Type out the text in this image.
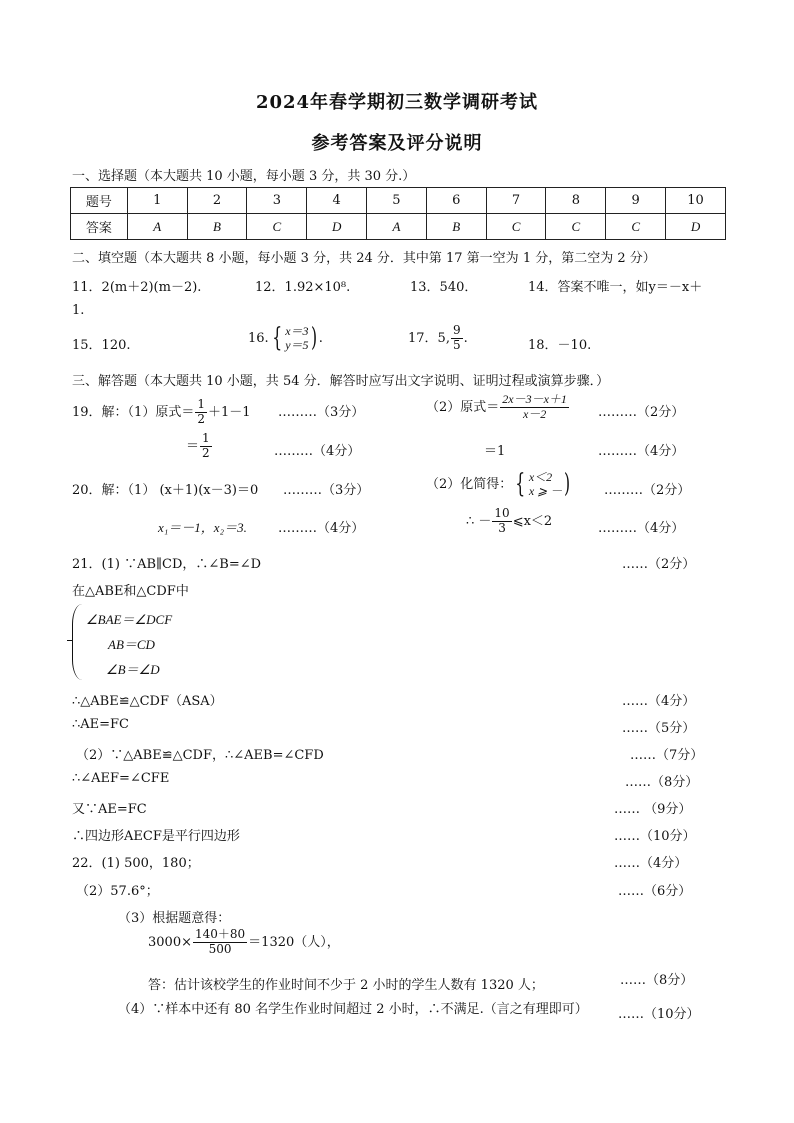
2024年春学期初三数学调研考试
参考答案及评分说明
一、选择题（本大题共 10 小题，每小题 3 分，共 30 分.）
题号	1	2	3	4	5	6	7	8	9	10
答案	A	B	C	D	A	B	C	C	C	D
二、填空题（本大题共 8 小题，每小题 3 分，共 24 分．其中第 17 第一空为 1 分，第二空为 2 分）
11．2(m＋2)(m－2).	12．1.92×10⁸.	13．540．	14．答案不唯一，如y＝－x＋
1.
15．120.	16. { x＝3
y＝5 ) .	17．5, $\frac{9}{5}$ .	18．－10.
三、解答题（本大题共 10 小题，共 54 分．解答时应写出文字说明、证明过程或演算步骤．）
19．解：（1）原式＝ $\frac{1}{2} +1-1$ ………（3分）	（2）原式＝ $\frac{2x-3-x+1}{x-2}$ ………（2分）
＝ $\frac{1}{2}$	………（4分）	＝1	………（4分）
20．解：（1） (x＋1)(x－3)＝0 ………（3分）	（2）化简得： { x＜2
x ⩾ － )	………（2分）
x₁＝－1，x₂＝3. ………（4分）	∴ － $\frac{10}{3}$ ⩽x＜2	………（4分）
21．(1) ∵AB∥CD，∴∠B=∠D	……（2分）
在△ABE和△CDF中
∠BAE＝∠DCF
AB＝CD
∠B＝∠D
∴△ABE≌△CDF（ASA）	……（4分）
∴AE=FC	……（5分）
（2）∵△ABE≌△CDF，∴∠AEB=∠CFD	……（7分）
∴∠AEF=∠CFE	……（8分）
又∵AE=FC	…… （9分）
∴四边形AECF是平行四边形	……（10分）
22．(1) 500，180；	……（4分）
（2）57.6°；	……（6分）
（3）根据题意得：
$3000\times \frac{140+80}{500} =1320$（人），
答：估计该校学生的作业时间不少于 2 小时的学生人数有 1320 人；	……（8分）
（4）∵样本中还有 80 名学生作业时间超过 2 小时，∴不满足.（言之有理即可） ……（10分）
